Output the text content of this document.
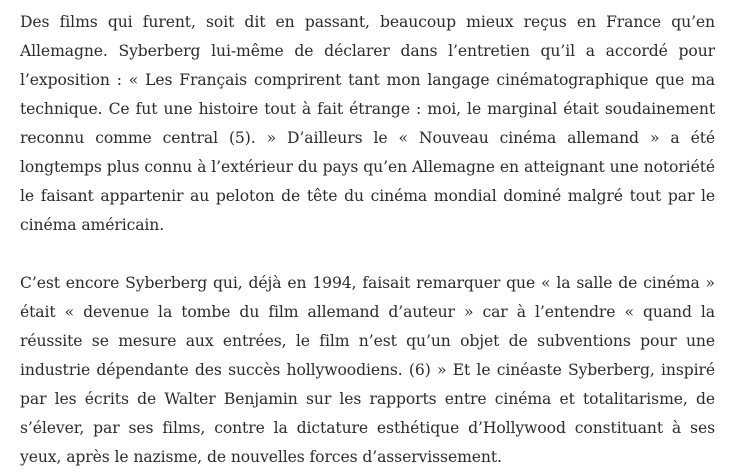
Des films qui furent, soit dit en passant, beaucoup mieux reçus en France qu’en Allemagne. Syberberg lui-même de déclarer dans l’entretien qu’il a accordé pour l’exposition : « Les Français comprirent tant mon langage cinématographique que ma technique. Ce fut une histoire tout à fait étrange : moi, le marginal était soudainement reconnu comme central (5). » D’ailleurs le « Nouveau cinéma allemand » a été longtemps plus connu à l’extérieur du pays qu’en Allemagne en atteignant une notoriété le faisant appartenir au peloton de tête du cinéma mondial dominé malgré tout par le cinéma américain.

C’est encore Syberberg qui, déjà en 1994, faisait remarquer que « la salle de cinéma » était « devenue la tombe du film allemand d’auteur » car à l’entendre « quand la réussite se mesure aux entrées, le film n’est qu’un objet de subventions pour une industrie dépendante des succès hollywoodiens. (6) » Et le cinéaste Syberberg, inspiré par les écrits de Walter Benjamin sur les rapports entre cinéma et totalitarisme, de s’élever, par ses films, contre la dictature esthétique d’Hollywood constituant à ses yeux, après le nazisme, de nouvelles forces d’asservissement.
